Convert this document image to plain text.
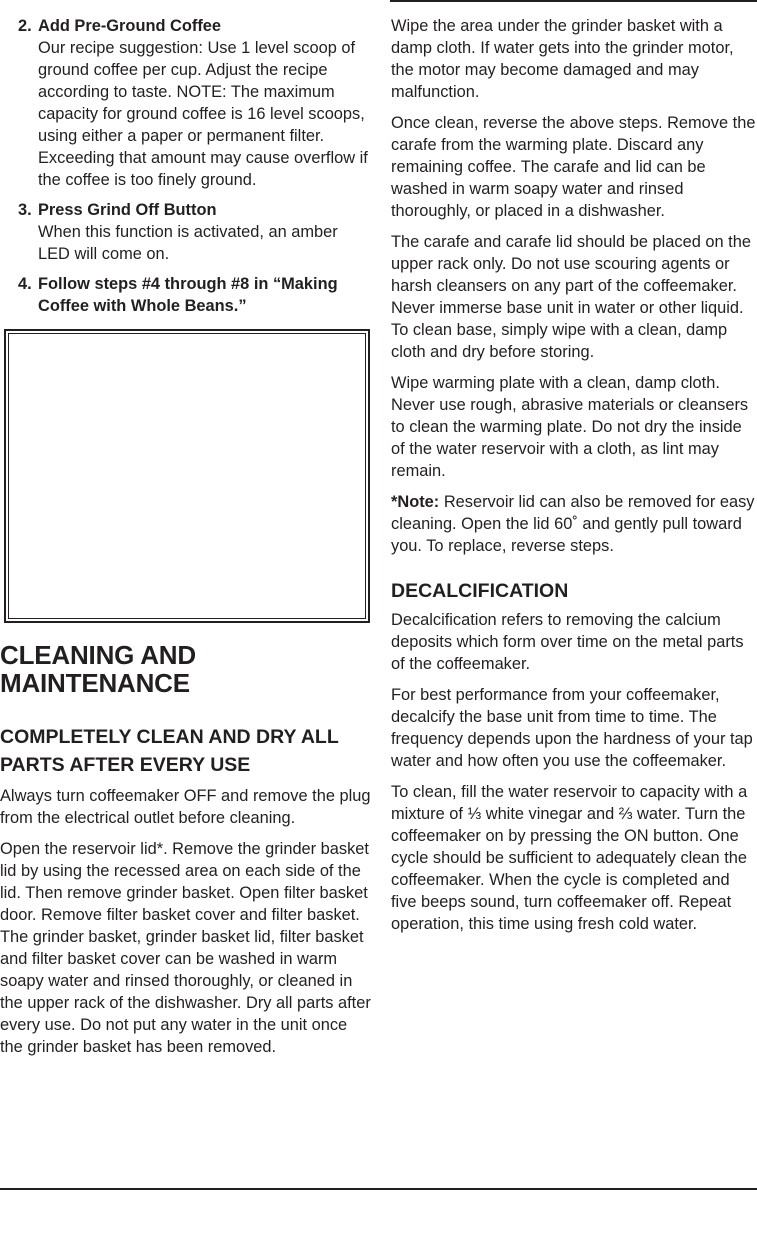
2. Add Pre-Ground Coffee
Our recipe suggestion: Use 1 level scoop of ground coffee per cup. Adjust the recipe according to taste. NOTE: The maximum capacity for ground coffee is 16 level scoops, using either a paper or permanent filter. Exceeding that amount may cause overflow if the coffee is too finely ground.
3. Press Grind Off Button
When this function is activated, an amber LED will come on.
4. Follow steps #4 through #8 in “Making Coffee with Whole Beans.”
CLEANING AND MAINTENANCE
COMPLETELY CLEAN AND DRY ALL PARTS AFTER EVERY USE

Always turn coffeemaker OFF and remove the plug from the electrical outlet before cleaning.

Open the reservoir lid*. Remove the grinder basket lid by using the recessed area on each side of the lid. Then remove grinder basket. Open filter basket door. Remove filter basket cover and filter basket. The grinder basket, grinder basket lid, filter basket and filter basket cover can be washed in warm soapy water and rinsed thoroughly, or cleaned in the upper rack of the dishwasher. Dry all parts after every use. Do not put any water in the unit once the grinder basket has been removed.

Wipe the area under the grinder basket with a damp cloth. If water gets into the grinder motor, the motor may become damaged and may malfunction.

Once clean, reverse the above steps. Remove the carafe from the warming plate. Discard any remaining coffee. The carafe and lid can be washed in warm soapy water and rinsed thoroughly, or placed in a dishwasher.

The carafe and carafe lid should be placed on the upper rack only. Do not use scouring agents or harsh cleansers on any part of the coffeemaker. Never immerse base unit in water or other liquid. To clean base, simply wipe with a clean, damp cloth and dry before storing.

Wipe warming plate with a clean, damp cloth. Never use rough, abrasive materials or cleansers to clean the warming plate. Do not dry the inside of the water reservoir with a cloth, as lint may remain.

*Note: Reservoir lid can also be removed for easy cleaning. Open the lid 60˚ and gently pull toward you. To replace, reverse steps.

DECALCIFICATION

Decalcification refers to removing the calcium deposits which form over time on the metal parts of the coffeemaker.

For best performance from your coffeemaker, decalcify the base unit from time to time. The frequency depends upon the hardness of your tap water and how often you use the coffeemaker.

To clean, fill the water reservoir to capacity with a mixture of ⅓ white vinegar and ⅔ water. Turn the coffeemaker on by pressing the ON button. One cycle should be sufficient to adequately clean the coffeemaker. When the cycle is completed and five beeps sound, turn coffeemaker off. Repeat operation, this time using fresh cold water.
